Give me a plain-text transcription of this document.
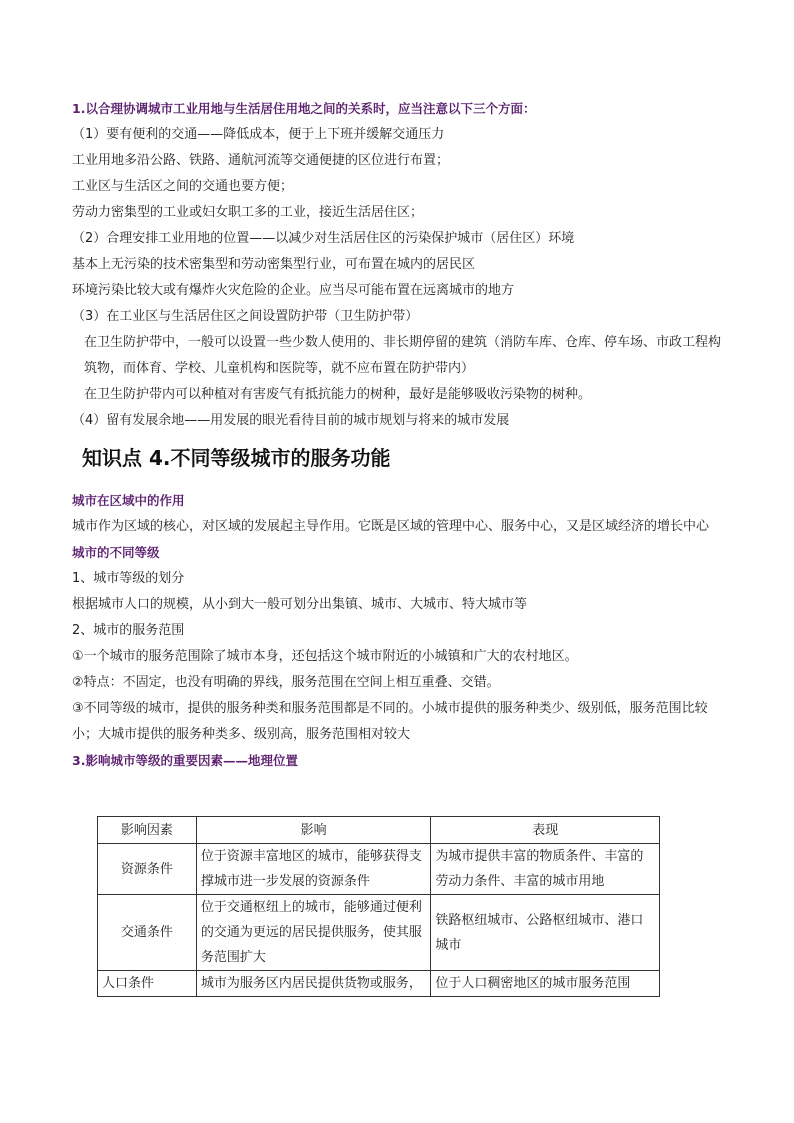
1.以合理协调城市工业用地与生活居住用地之间的关系时，应当注意以下三个方面：
（1）要有便利的交通——降低成本，便于上下班并缓解交通压力
工业用地多沿公路、铁路、通航河流等交通便捷的区位进行布置；
工业区与生活区之间的交通也要方便；
劳动力密集型的工业或妇女职工多的工业，接近生活居住区；
（2）合理安排工业用地的位置——以减少对生活居住区的污染保护城市（居住区）环境
基本上无污染的技术密集型和劳动密集型行业，可布置在城内的居民区
环境污染比较大或有爆炸火灾危险的企业。应当尽可能布置在远离城市的地方
（3）在工业区与生活居住区之间设置防护带（卫生防护带）
在卫生防护带中，一般可以设置一些少数人使用的、非长期停留的建筑（消防车库、仓库、停车场、市政工程构筑物，而体育、学校、儿童机构和医院等，就不应布置在防护带内）
在卫生防护带内可以种植对有害废气有抵抗能力的树种，最好是能够吸收污染物的树种。
（4）留有发展余地——用发展的眼光看待目前的城市规划与将来的城市发展
知识点 4.不同等级城市的服务功能
城市在区域中的作用
城市作为区域的核心，对区域的发展起主导作用。它既是区域的管理中心、服务中心，又是区域经济的增长中心
城市的不同等级
1、城市等级的划分
根据城市人口的规模，从小到大一般可划分出集镇、城市、大城市、特大城市等
2、城市的服务范围
①一个城市的服务范围除了城市本身，还包括这个城市附近的小城镇和广大的农村地区。
②特点：不固定，也没有明确的界线，服务范围在空间上相互重叠、交错。
③不同等级的城市，提供的服务种类和服务范围都是不同的。小城市提供的服务种类少、级别低，服务范围比较小；大城市提供的服务种类多、级别高，服务范围相对较大
3.影响城市等级的重要因素——地理位置
影响因素	影响	表现
资源条件	位于资源丰富地区的城市，能够获得支撑城市进一步发展的资源条件	为城市提供丰富的物质条件、丰富的劳动力条件、丰富的城市用地
交通条件	位于交通枢纽上的城市，能够通过便利的交通为更远的居民提供服务，使其服务范围扩大	铁路枢纽城市、公路枢纽城市、港口城市
人口条件	城市为服务区内居民提供货物或服务，	位于人口稠密地区的城市服务范围
